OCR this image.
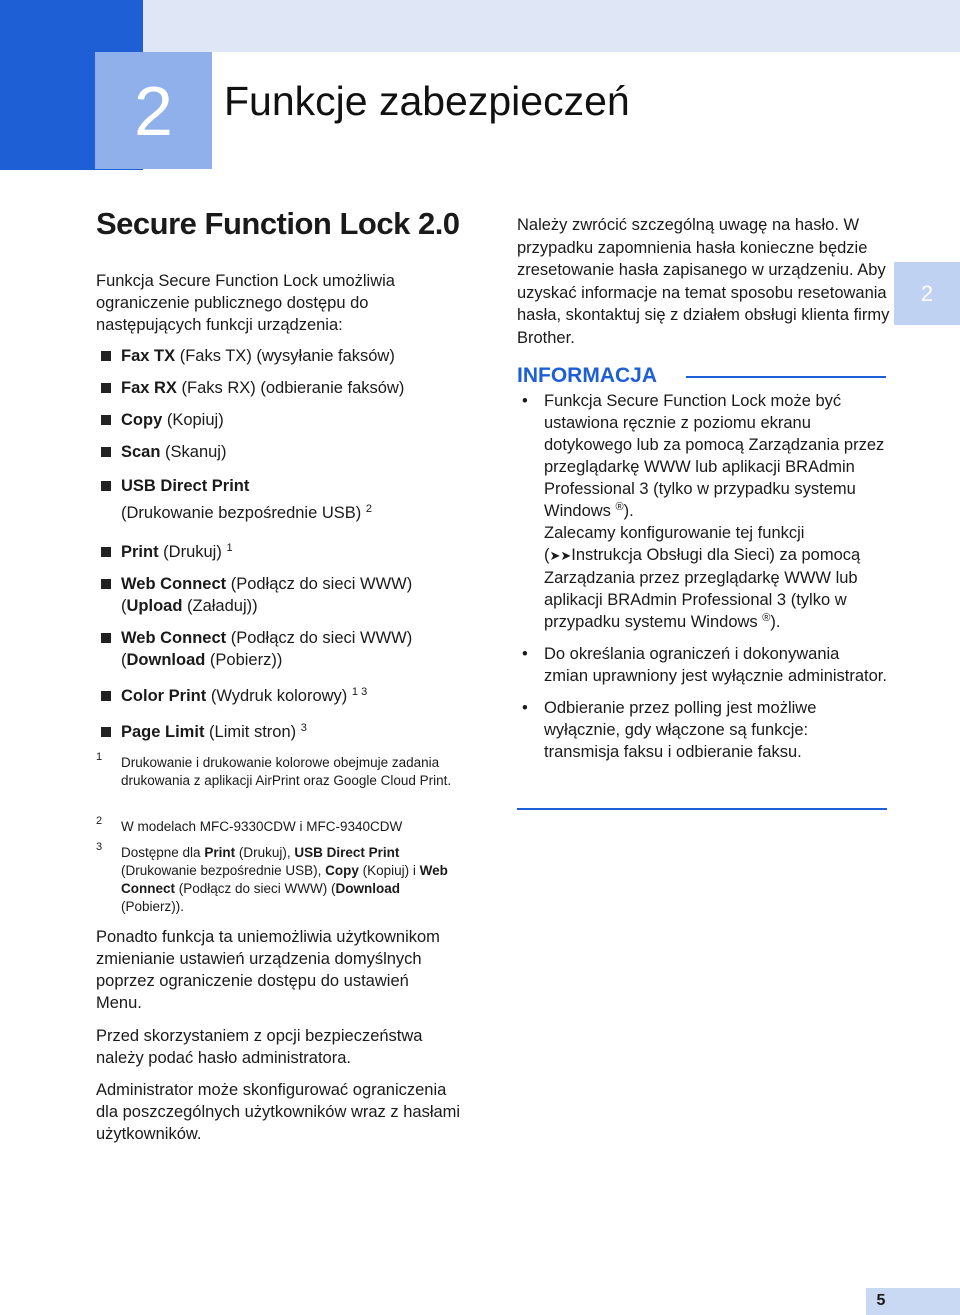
2 Funkcje zabezpieczeń
2
Secure Function Lock 2.0

Funkcja Secure Function Lock umożliwia ograniczenie publicznego dostępu do następujących funkcji urządzenia:

Fax TX (Faks TX) (wysyłanie faksów)
Fax RX (Faks RX) (odbieranie faksów)
Copy (Kopiuj)
Scan (Skanuj)
USB Direct Print
(Drukowanie bezpośrednie USB) $^2$
Print (Drukuj) $^1$
Web Connect (Podłącz do sieci WWW)
(Upload (Załaduj))
Web Connect (Podłącz do sieci WWW)
(Download (Pobierz))
Color Print (Wydruk kolorowy) $^{1 3}$
Page Limit (Limit stron) $^3$
1 Drukowanie i drukowanie kolorowe obejmuje zadania drukowania z aplikacji AirPrint oraz Google Cloud Print.
2 W modelach MFC-9330CDW i MFC-9340CDW
3 Dostępne dla Print (Drukuj), USB Direct Print (Drukowanie bezpośrednie USB), Copy (Kopiuj) i Web Connect (Podłącz do sieci WWW) (Download (Pobierz)).

Ponadto funkcja ta uniemożliwia użytkownikom zmienianie ustawień urządzenia domyślnych poprzez ograniczenie dostępu do ustawień Menu.

Przed skorzystaniem z opcji bezpieczeństwa należy podać hasło administratora.

Administrator może skonfigurować ograniczenia dla poszczególnych użytkowników wraz z hasłami użytkowników.

Należy zwrócić szczególną uwagę na hasło. W przypadku zapomnienia hasła konieczne będzie zresetowanie hasła zapisanego w urządzeniu. Aby uzyskać informacje na temat sposobu resetowania hasła, skontaktuj się z działem obsługi klienta firmy Brother.

INFORMACJA
• Funkcja Secure Function Lock może być ustawiona ręcznie z poziomu ekranu dotykowego lub za pomocą Zarządzania przez przeglądarkę WWW lub aplikacji BRAdmin Professional 3 (tylko w przypadku systemu Windows ®).
Zalecamy konfigurowanie tej funkcji (➤➤Instrukcja Obsługi dla Sieci) za pomocą Zarządzania przez przeglądarkę WWW lub aplikacji BRAdmin Professional 3 (tylko w przypadku systemu Windows ®).
• Do określania ograniczeń i dokonywania zmian uprawniony jest wyłącznie administrator.
• Odbieranie przez polling jest możliwe wyłącznie, gdy włączone są funkcje: transmisja faksu i odbieranie faksu.
5
